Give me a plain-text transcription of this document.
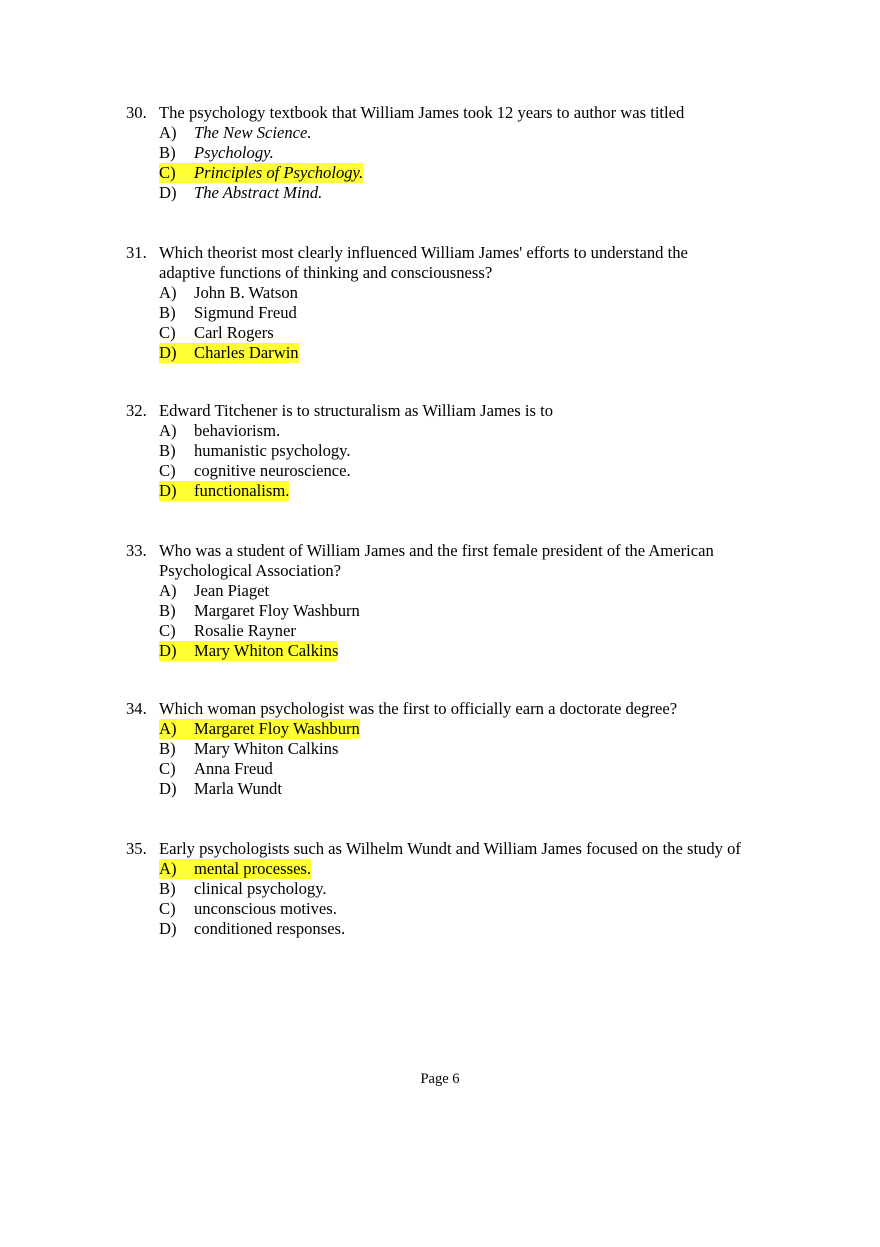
30. The psychology textbook that William James took 12 years to author was titled
A)	The New Science.
B)	Psychology.
C)	Principles of Psychology.
D)	The Abstract Mind.
31. Which theorist most clearly influenced William James' efforts to understand the
adaptive functions of thinking and consciousness?
A)	John B. Watson
B)	Sigmund Freud
C)	Carl Rogers
D)	Charles Darwin
32. Edward Titchener is to structuralism as William James is to
A)	behaviorism.
B)	humanistic psychology.
C)	cognitive neuroscience.
D)	functionalism.
33. Who was a student of William James and the first female president of the American
Psychological Association?
A)	Jean Piaget
B)	Margaret Floy Washburn
C)	Rosalie Rayner
D)	Mary Whiton Calkins
34. Which woman psychologist was the first to officially earn a doctorate degree?
A)	Margaret Floy Washburn
B)	Mary Whiton Calkins
C)	Anna Freud
D)	Marla Wundt
35. Early psychologists such as Wilhelm Wundt and William James focused on the study of
A)	mental processes.
B)	clinical psychology.
C)	unconscious motives.
D)	conditioned responses.
Page 6
